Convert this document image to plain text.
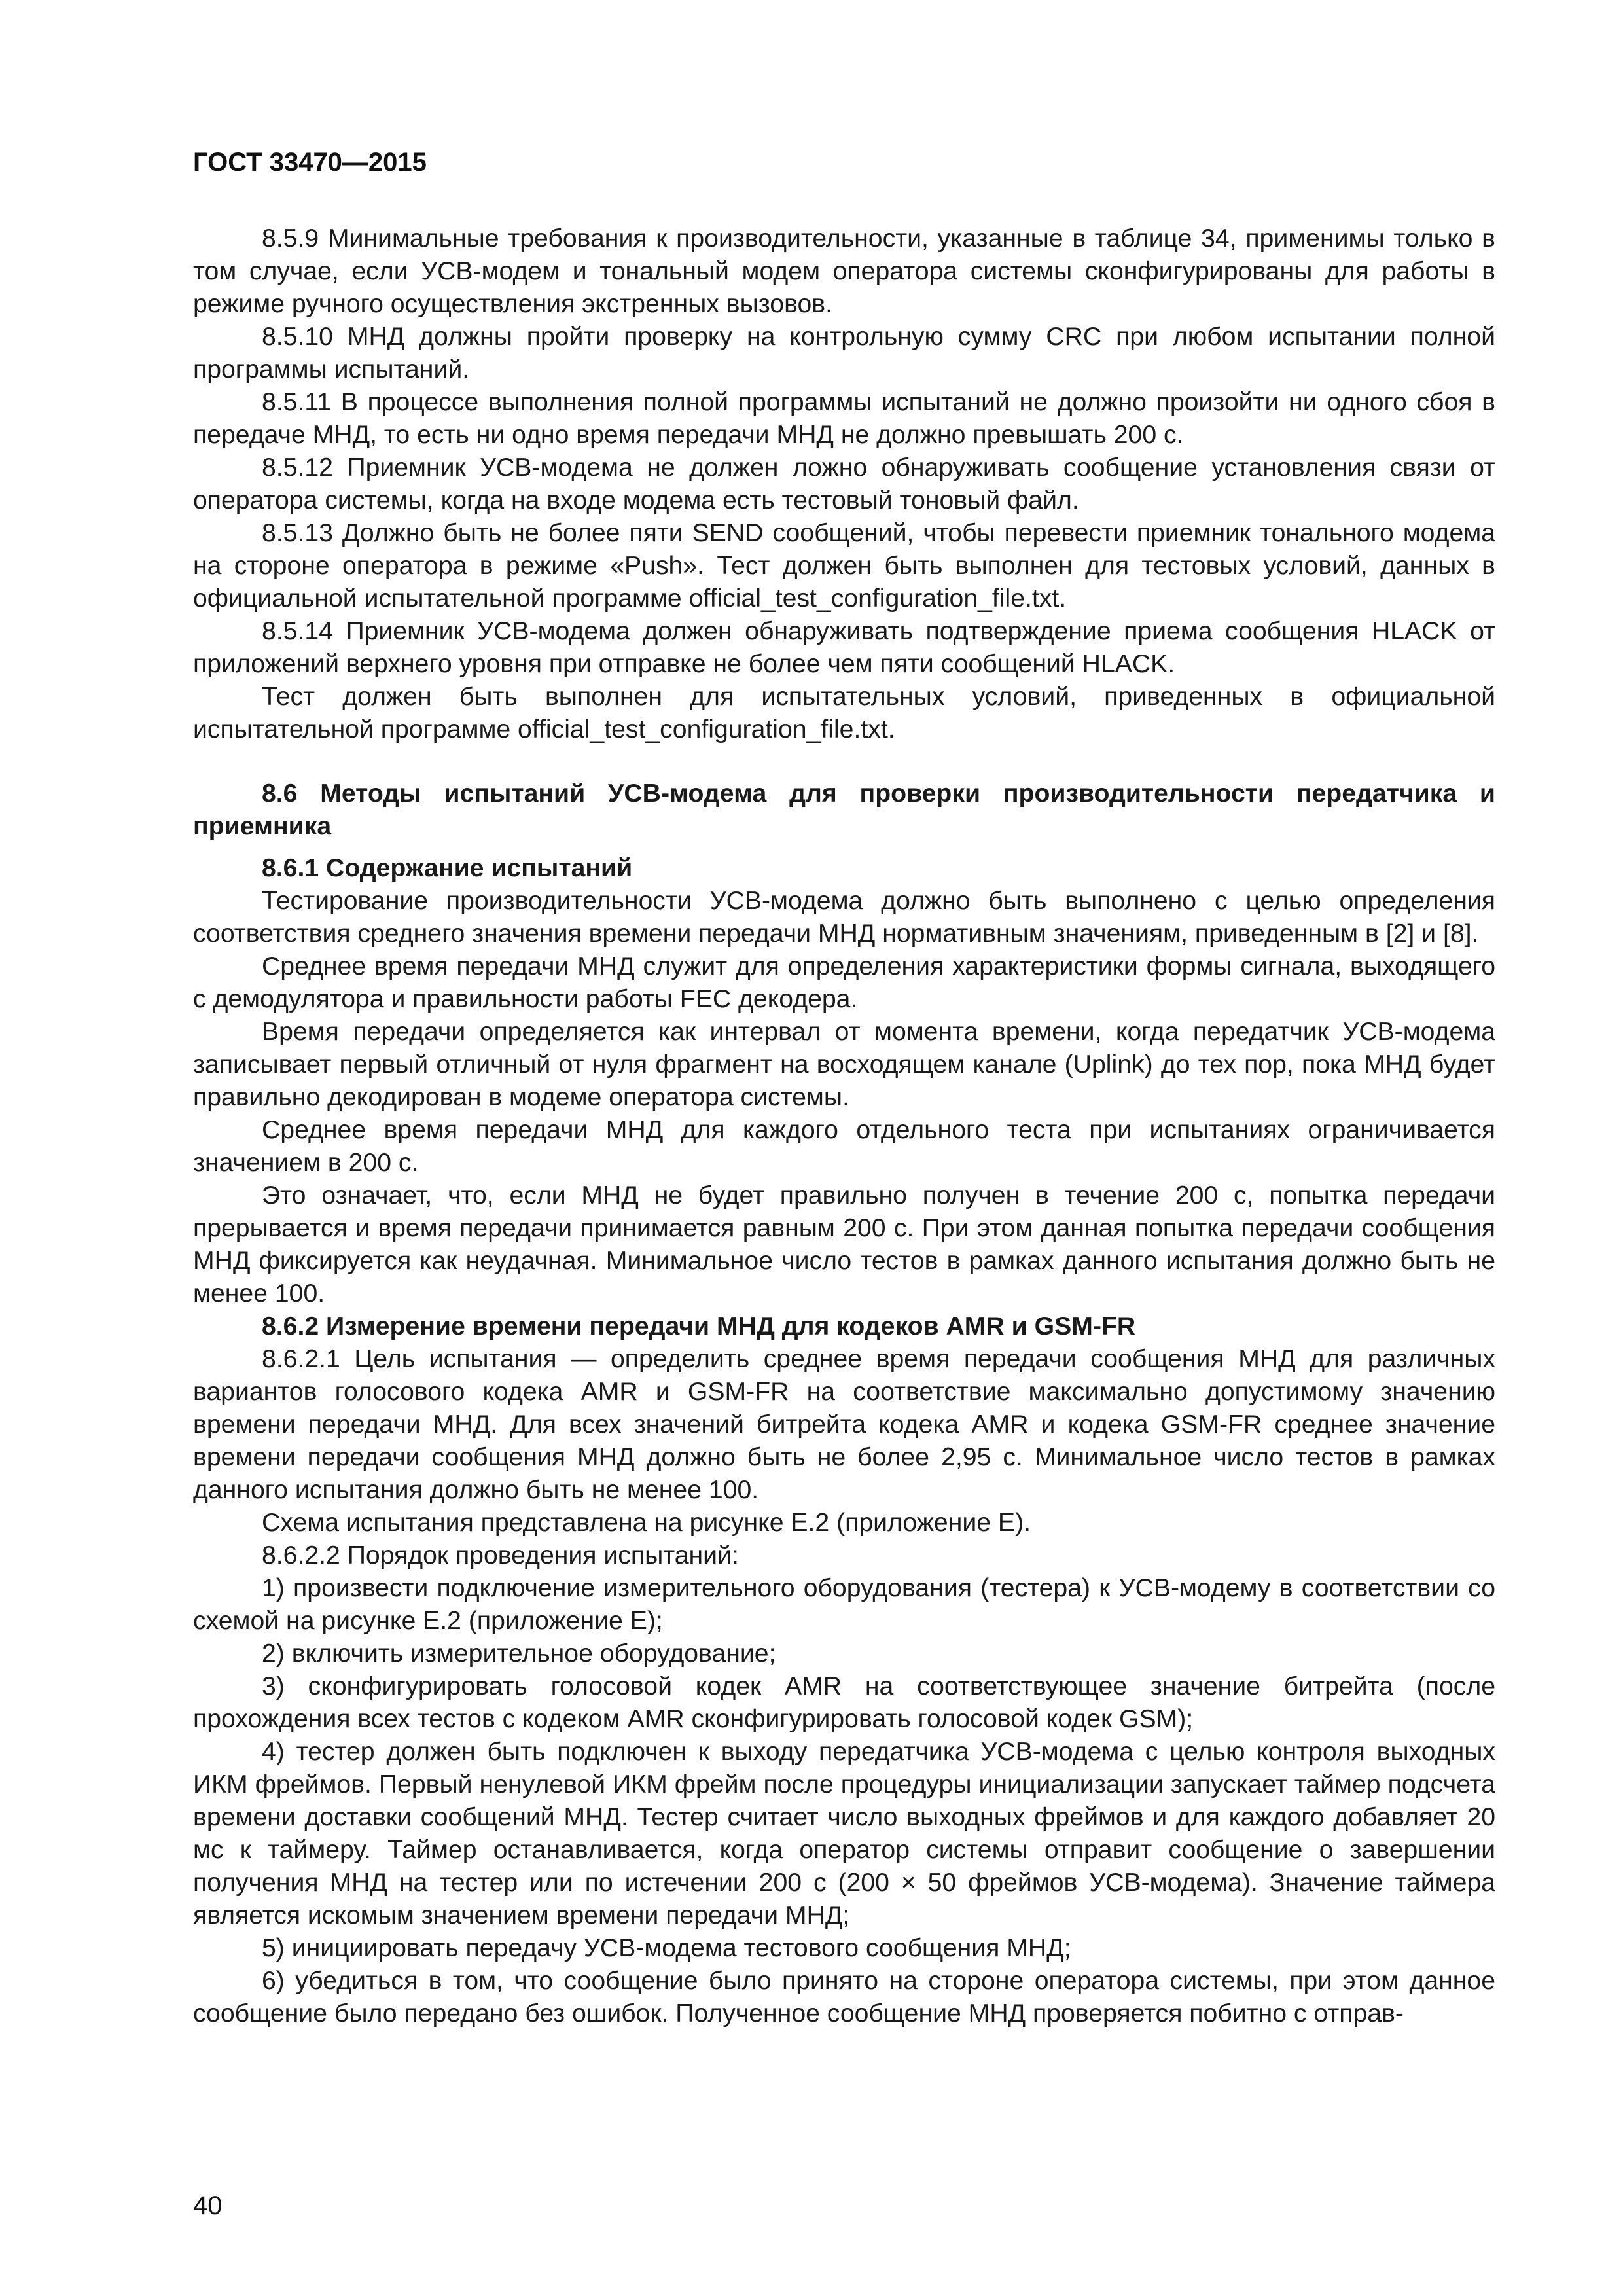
ГОСТ 33470—2015

8.5.9 Минимальные требования к производительности, указанные в таблице 34, применимы только в том случае, если УСВ-модем и тональный модем оператора системы сконфигурированы для работы в режиме ручного осуществления экстренных вызовов.

8.5.10 МНД должны пройти проверку на контрольную сумму CRC при любом испытании полной программы испытаний.

8.5.11 В процессе выполнения полной программы испытаний не должно произойти ни одного сбоя в передаче МНД, то есть ни одно время передачи МНД не должно превышать 200 с.

8.5.12 Приемник УСВ-модема не должен ложно обнаруживать сообщение установления связи от оператора системы, когда на входе модема есть тестовый тоновый файл.

8.5.13 Должно быть не более пяти SEND сообщений, чтобы перевести приемник тонального модема на стороне оператора в режиме «Push». Тест должен быть выполнен для тестовых условий, данных в официальной испытательной программе official_test_configuration_file.txt.

8.5.14 Приемник УСВ-модема должен обнаруживать подтверждение приема сообщения HLACK от приложений верхнего уровня при отправке не более чем пяти сообщений HLACK.

Тест должен быть выполнен для испытательных условий, приведенных в официальной испытательной программе official_test_configuration_file.txt.

8.6 Методы испытаний УСВ-модема для проверки производительности передатчика и приемника

8.6.1 Содержание испытаний

Тестирование производительности УСВ-модема должно быть выполнено с целью определения соответствия среднего значения времени передачи МНД нормативным значениям, приведенным в [2] и [8].

Среднее время передачи МНД служит для определения характеристики формы сигнала, выходящего с демодулятора и правильности работы FEC декодера.

Время передачи определяется как интервал от момента времени, когда передатчик УСВ-модема записывает первый отличный от нуля фрагмент на восходящем канале (Uplink) до тех пор, пока МНД будет правильно декодирован в модеме оператора системы.

Среднее время передачи МНД для каждого отдельного теста при испытаниях ограничивается значением в 200 с.

Это означает, что, если МНД не будет правильно получен в течение 200 с, попытка передачи прерывается и время передачи принимается равным 200 с. При этом данная попытка передачи сообщения МНД фиксируется как неудачная. Минимальное число тестов в рамках данного испытания должно быть не менее 100.

8.6.2 Измерение времени передачи МНД для кодеков AMR и GSM-FR

8.6.2.1 Цель испытания — определить среднее время передачи сообщения МНД для различных вариантов голосового кодека AMR и GSM-FR на соответствие максимально допустимому значению времени передачи МНД. Для всех значений битрейта кодека AMR и кодека GSM-FR среднее значение времени передачи сообщения МНД должно быть не более 2,95 с. Минимальное число тестов в рамках данного испытания должно быть не менее 100.

Схема испытания представлена на рисунке Е.2 (приложение Е).

8.6.2.2 Порядок проведения испытаний:

1) произвести подключение измерительного оборудования (тестера) к УСВ-модему в соответствии со схемой на рисунке Е.2 (приложение Е);

2) включить измерительное оборудование;

3) сконфигурировать голосовой кодек AMR на соответствующее значение битрейта (после прохождения всех тестов с кодеком AMR сконфигурировать голосовой кодек GSM);

4) тестер должен быть подключен к выходу передатчика УСВ-модема с целью контроля выходных ИКМ фреймов. Первый ненулевой ИКМ фрейм после процедуры инициализации запускает таймер подсчета времени доставки сообщений МНД. Тестер считает число выходных фреймов и для каждого добавляет 20 мс к таймеру. Таймер останавливается, когда оператор системы отправит сообщение о завершении получения МНД на тестер или по истечении 200 с (200 × 50 фреймов УСВ-модема). Значение таймера является искомым значением времени передачи МНД;

5) инициировать передачу УСВ-модема тестового сообщения МНД;

6) убедиться в том, что сообщение было принято на стороне оператора системы, при этом данное сообщение было передано без ошибок. Полученное сообщение МНД проверяется побитно с отправ-

40
